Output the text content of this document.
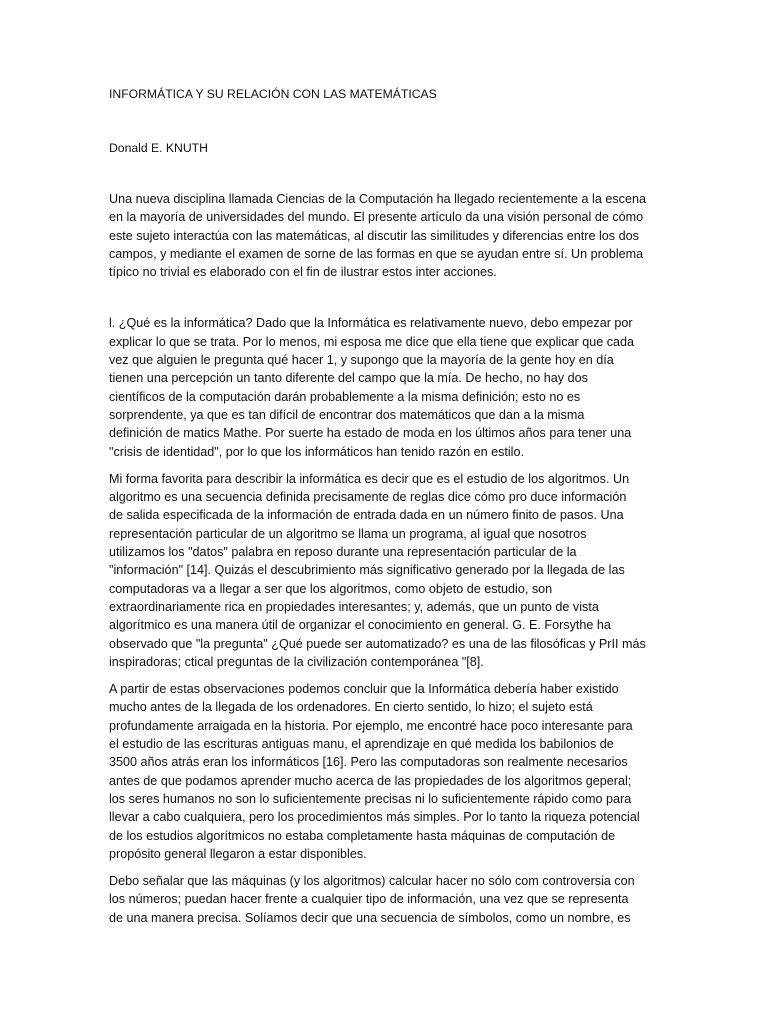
INFORMÁTICA Y SU RELACIÓN CON LAS MATEMÁTICAS
Donald E. KNUTH

Una nueva disciplina llamada Ciencias de la Computación ha llegado recientemente a la escena
en la mayoría de universidades del mundo. El presente artículo da una visión personal de cómo
este sujeto interactúa con las matemáticas, al discutir las similitudes y diferencias entre los dos
campos, y mediante el examen de sorne de las formas en que se ayudan entre sí. Un problema
típico no trivial es elaborado con el fin de ilustrar estos inter acciones.

l. ¿Qué es la informática? Dado que la Informática es relativamente nuevo, debo empezar por
explicar lo que se trata. Por lo menos, mi esposa me dice que ella tiene que explicar que cada
vez que alguien le pregunta qué hacer 1, y supongo que la mayoría de la gente hoy en día
tienen una percepción un tanto diferente del campo que la mía. De hecho, no hay dos
científicos de la computación darán probablemente a la misma definición; esto no es
sorprendente, ya que es tan difícil de encontrar dos matemáticos que dan a la misma
definición de matics Mathe. Por suerte ha estado de moda en los últimos años para tener una
"crisis de identidad", por lo que los informáticos han tenido razón en estilo.

Mi forma favorita para describir la informática es decir que es el estudio de los algoritmos. Un
algoritmo es una secuencia definida precisamente de reglas dice cómo pro duce información
de salida especificada de la información de entrada dada en un número finito de pasos. Una
representación particular de un algoritmo se llama un programa, al igual que nosotros
utilizamos los "datos" palabra en reposo durante una representación particular de la
"información" [14]. Quizás el descubrimiento más significativo generado por la llegada de las
computadoras va a llegar a ser que los algoritmos, como objeto de estudio, son
extraordinariamente rica en propiedades interesantes; y, además, que un punto de vista
algorítmico es una manera útil de organizar el conocimiento en general. G. E. Forsythe ha
observado que "la pregunta" ¿Qué puede ser automatizado? es una de las filosóficas y PrII más
inspiradoras; ctical preguntas de la civilización contemporánea "[8].

A partir de estas observaciones podemos concluir que la Informática debería haber existido
mucho antes de la llegada de los ordenadores. En cierto sentido, lo hizo; el sujeto está
profundamente arraigada en la historia. Por ejemplo, me encontré hace poco interesante para
el estudio de las escrituras antiguas manu, el aprendizaje en qué medida los babilonios de
3500 años atrás eran los informáticos [16]. Pero las computadoras son realmente necesarios
antes de que podamos aprender mucho acerca de las propiedades de los algoritmos geperal;
los seres humanos no son lo suficientemente precisas ni lo suficientemente rápido como para
llevar a cabo cualquiera, pero los procedimientos más simples. Por lo tanto la riqueza potencial
de los estudios algorítmicos no estaba completamente hasta máquinas de computación de
propósito general llegaron a estar disponibles.

Debo señalar que las máquinas (y los algoritmos) calcular hacer no sólo com controversia con
los números; puedan hacer frente a cualquier tipo de información, una vez que se representa
de una manera precisa. Solíamos decir que una secuencia de símbolos, como un nombre, es
